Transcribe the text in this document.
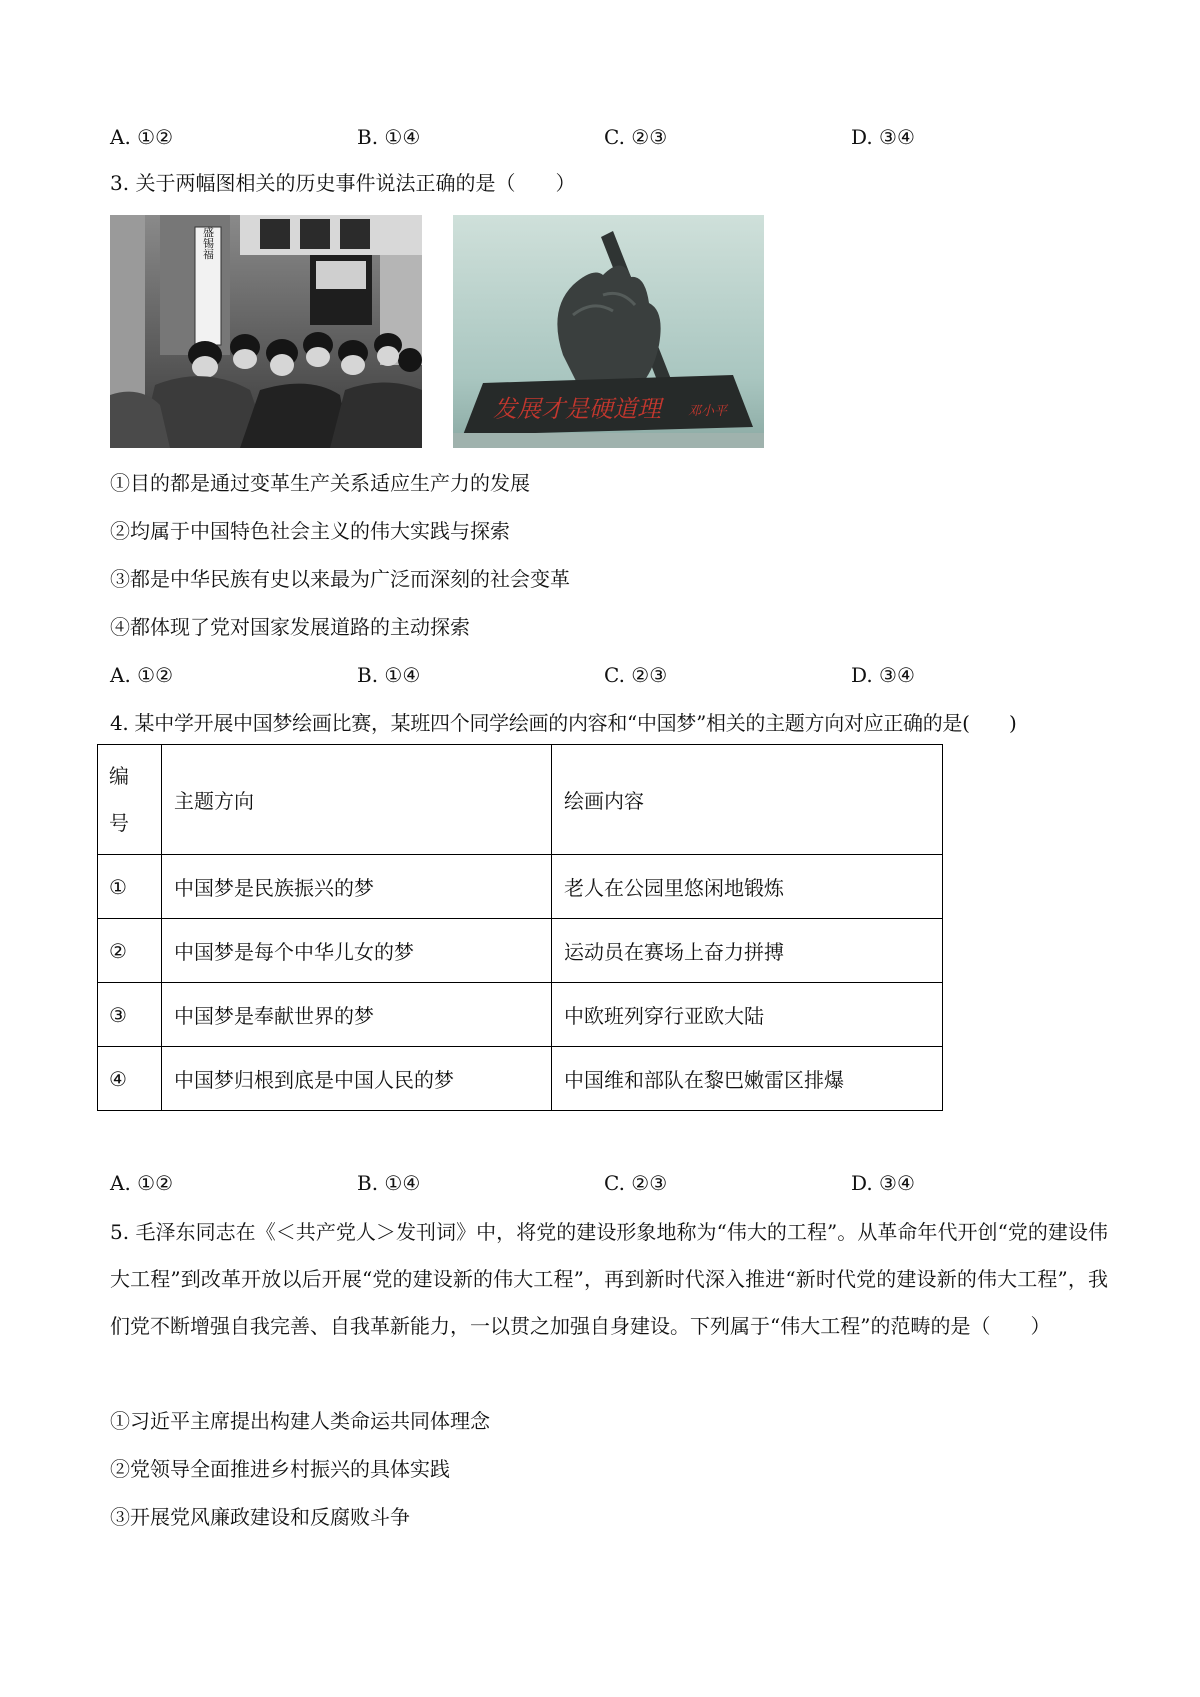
A. ①②	B. ①④	C. ②③	D. ③④
3. 关于两幅图相关的历史事件说法正确的是（　　）
盛锡福
发展才是硬道理	邓小平
①目的都是通过变革生产关系适应生产力的发展
②均属于中国特色社会主义的伟大实践与探索
③都是中华民族有史以来最为广泛而深刻的社会变革
④都体现了党对国家发展道路的主动探索
A. ①②	B. ①④	C. ②③	D. ③④
4. 某中学开展中国梦绘画比赛，某班四个同学绘画的内容和“中国梦”相关的主题方向对应正确的是(　　)
编
号	主题方向	绘画内容
①	中国梦是民族振兴的梦	老人在公园里悠闲地锻炼
②	中国梦是每个中华儿女的梦	运动员在赛场上奋力拼搏
③	中国梦是奉献世界的梦	中欧班列穿行亚欧大陆
④	中国梦归根到底是中国人民的梦	中国维和部队在黎巴嫩雷区排爆
A. ①②	B. ①④	C. ②③	D. ③④
5. 毛泽东同志在《＜共产党人＞发刊词》中，将党的建设形象地称为“伟大的工程”。从革命年代开创“党的建设伟大工程”到改革开放以后开展“党的建设新的伟大工程”，再到新时代深入推进“新时代党的建设新的伟大工程”，我们党不断增强自我完善、自我革新能力，一以贯之加强自身建设。下列属于“伟大工程”的范畴的是（　　）
①习近平主席提出构建人类命运共同体理念
②党领导全面推进乡村振兴的具体实践
③开展党风廉政建设和反腐败斗争
